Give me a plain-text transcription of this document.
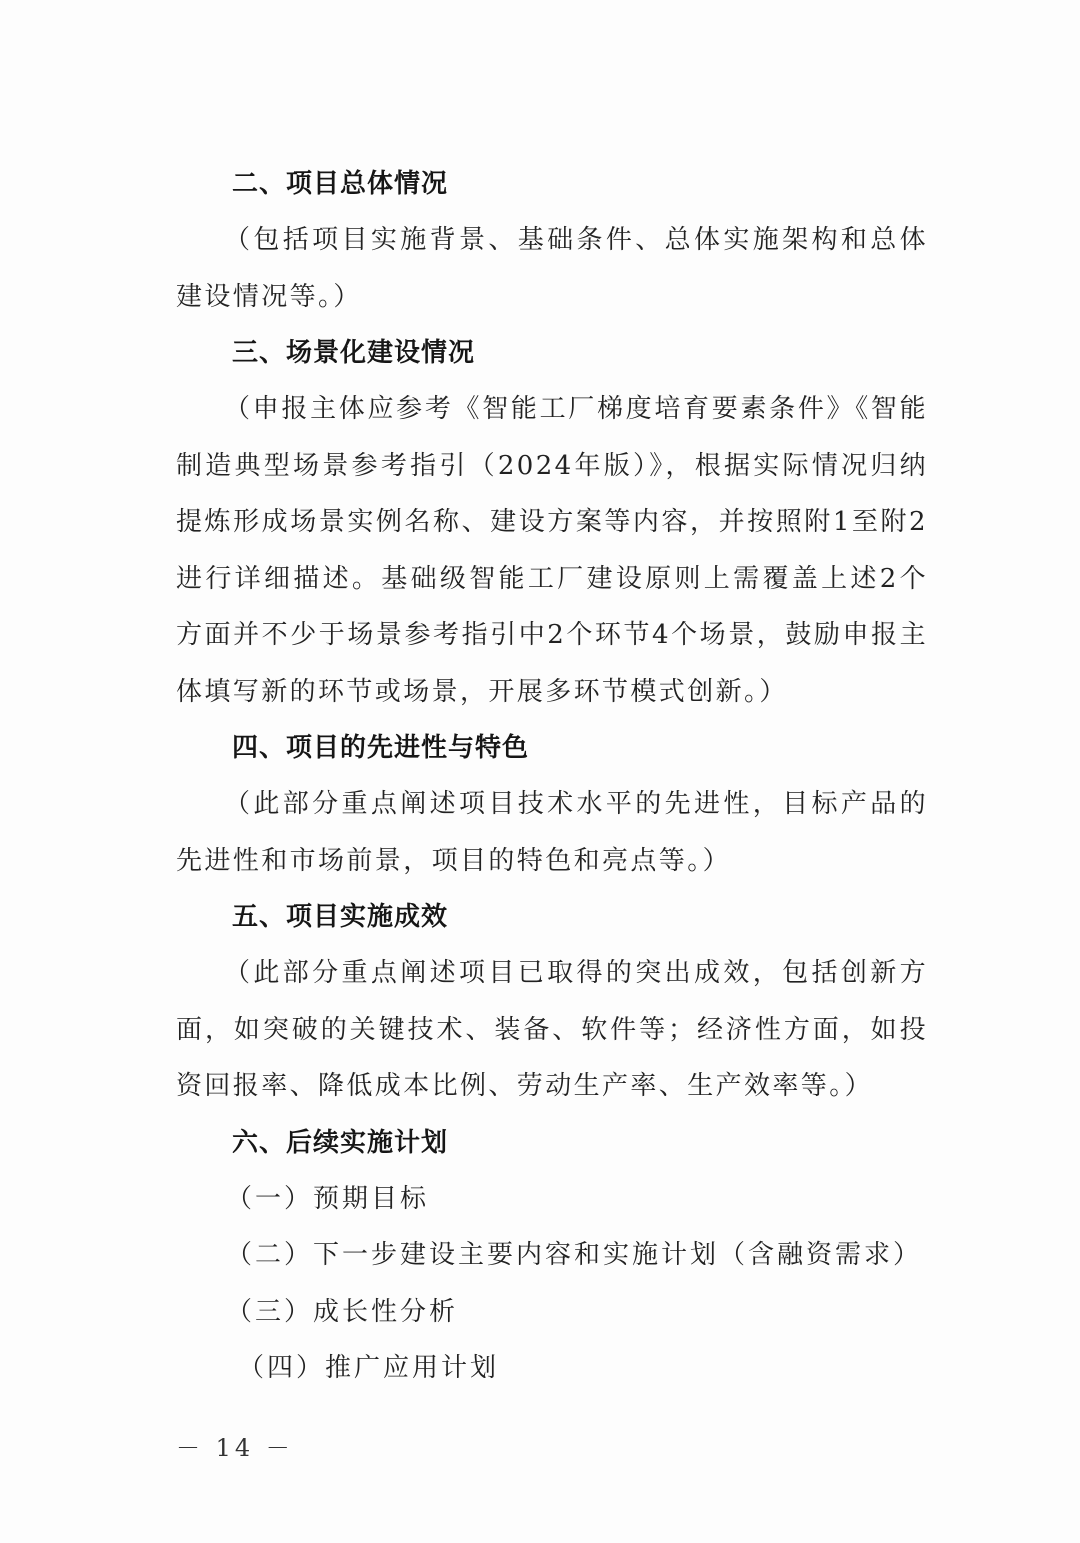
二、项目总体情况

（包括项目实施背景、基础条件、总体实施架构和总体建设情况等。）

三、场景化建设情况

（申报主体应参考《智能工厂梯度培育要素条件》《智能制造典型场景参考指引（2024年版）》，根据实际情况归纳提炼形成场景实例名称、建设方案等内容，并按照附1至附2进行详细描述。基础级智能工厂建设原则上需覆盖上述2个方面并不少于场景参考指引中2个环节4个场景，鼓励申报主体填写新的环节或场景，开展多环节模式创新。）

四、项目的先进性与特色

（此部分重点阐述项目技术水平的先进性，目标产品的先进性和市场前景，项目的特色和亮点等。）

五、项目实施成效

（此部分重点阐述项目已取得的突出成效，包括创新方面，如突破的关键技术、装备、软件等；经济性方面，如投资回报率、降低成本比例、劳动生产率、生产效率等。）

六、后续实施计划

（一）预期目标

（二）下一步建设主要内容和实施计划（含融资需求）

（三）成长性分析

（四）推广应用计划

－ 14 －
